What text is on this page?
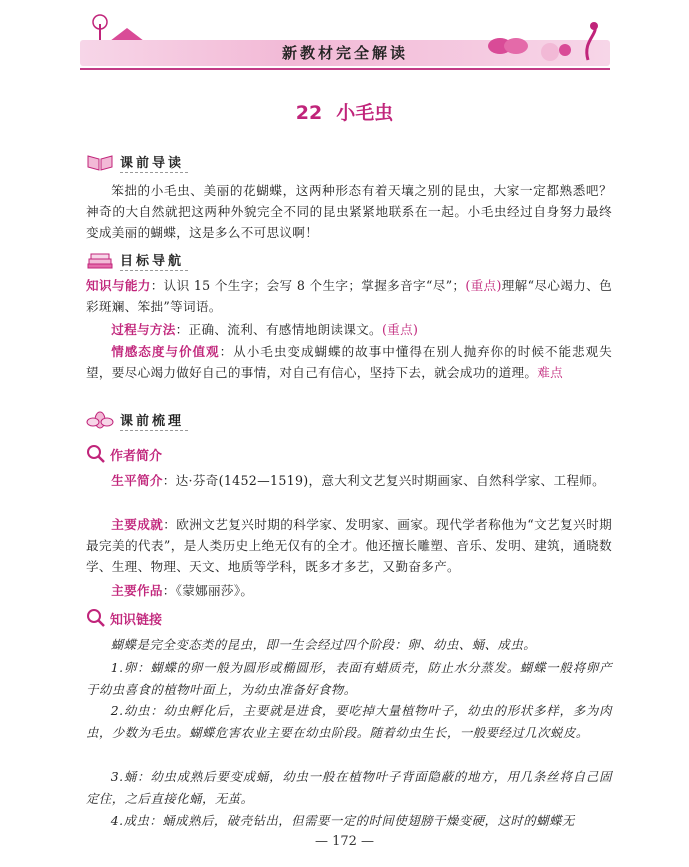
新教材完全解读
22 小毛虫
课前导读
笨拙的小毛虫、美丽的花蝴蝶，这两种形态有着天壤之别的昆虫，大家一定都熟悉吧？神奇的大自然就把这两种外貌完全不同的昆虫紧紧地联系在一起。小毛虫经过自身努力最终变成美丽的蝴蝶，这是多么不可思议啊！
目标导航
知识与能力：认识 15 个生字；会写 8 个生字；掌握多音字“尽”；(重点)理解“尽心竭力、色彩斑斓、笨拙”等词语。
过程与方法：正确、流利、有感情地朗读课文。(重点)
情感态度与价值观：从小毛虫变成蝴蝶的故事中懂得在别人抛弃你的时候不能悲观失望，要尽心竭力做好自己的事情，对自己有信心，坚持下去，就会成功的道理。难点
课前梳理
作者简介
生平简介：达·芬奇(1452—1519)，意大利文艺复兴时期画家、自然科学家、工程师。
主要成就：欧洲文艺复兴时期的科学家、发明家、画家。现代学者称他为“文艺复兴时期最完美的代表”，是人类历史上绝无仅有的全才。他还擅长雕塑、音乐、发明、建筑，通晓数学、生理、物理、天文、地质等学科，既多才多艺，又勤奋多产。
主要作品：《蒙娜丽莎》。
知识链接
蝴蝶是完全变态类的昆虫，即一生会经过四个阶段：卵、幼虫、蛹、成虫。
1.卵：蝴蝶的卵一般为圆形或椭圆形，表面有蜡质壳，防止水分蒸发。蝴蝶一般将卵产于幼虫喜食的植物叶面上，为幼虫准备好食物。
2.幼虫：幼虫孵化后，主要就是进食，要吃掉大量植物叶子，幼虫的形状多样，多为肉虫，少数为毛虫。蝴蝶危害农业主要在幼虫阶段。随着幼虫生长，一般要经过几次蜕皮。
3.蛹：幼虫成熟后要变成蛹，幼虫一般在植物叶子背面隐蔽的地方，用几条丝将自己固定住，之后直接化蛹，无茧。
4.成虫：蛹成熟后，破壳钻出，但需要一定的时间使翅膀干燥变硬，这时的蝴蝶无
— 172 —
